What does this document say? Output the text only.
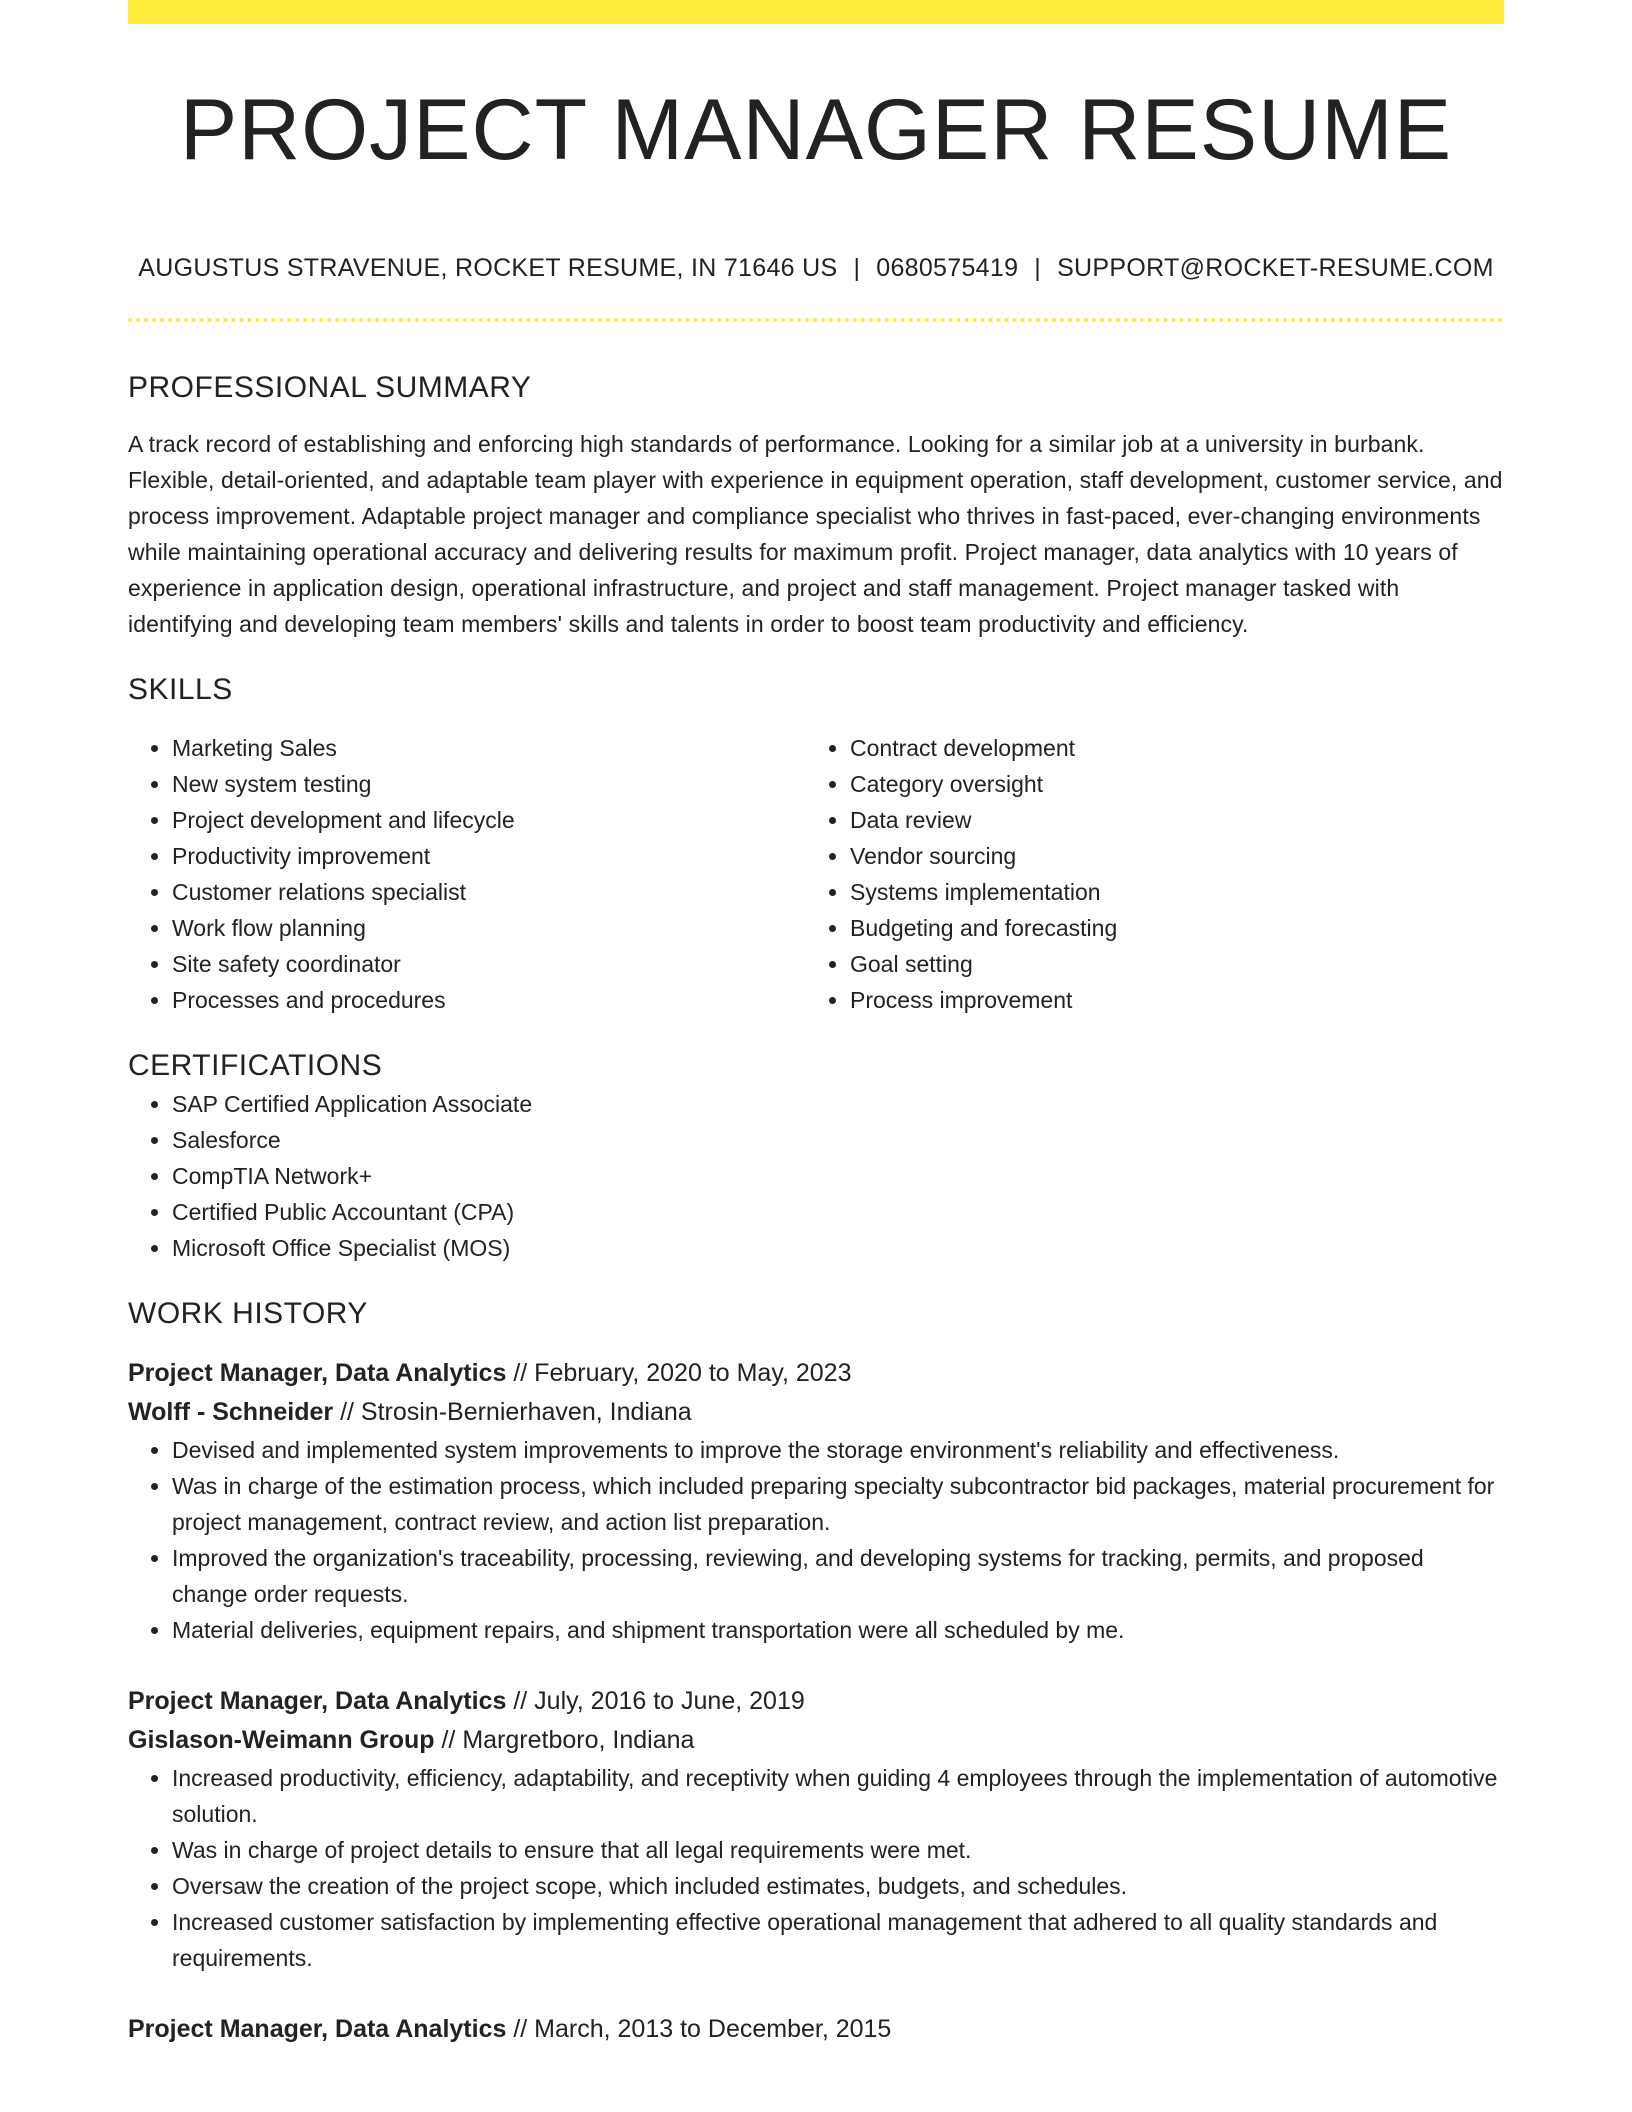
PROJECT MANAGER RESUME
AUGUSTUS STRAVENUE, ROCKET RESUME, IN 71646 US | 0680575419 | SUPPORT@ROCKET-RESUME.COM
PROFESSIONAL SUMMARY
A track record of establishing and enforcing high standards of performance. Looking for a similar job at a university in burbank. Flexible, detail-oriented, and adaptable team player with experience in equipment operation, staff development, customer service, and process improvement. Adaptable project manager and compliance specialist who thrives in fast-paced, ever-changing environments while maintaining operational accuracy and delivering results for maximum profit. Project manager, data analytics with 10 years of experience in application design, operational infrastructure, and project and staff management. Project manager tasked with identifying and developing team members' skills and talents in order to boost team productivity and efficiency.
SKILLS
• Marketing Sales
• New system testing
• Project development and lifecycle
• Productivity improvement
• Customer relations specialist
• Work flow planning
• Site safety coordinator
• Processes and procedures
• Contract development
• Category oversight
• Data review
• Vendor sourcing
• Systems implementation
• Budgeting and forecasting
• Goal setting
• Process improvement
CERTIFICATIONS
• SAP Certified Application Associate
• Salesforce
• CompTIA Network+
• Certified Public Accountant (CPA)
• Microsoft Office Specialist (MOS)
WORK HISTORY
Project Manager, Data Analytics // February, 2020 to May, 2023
Wolff - Schneider // Strosin-Bernierhaven, Indiana
• Devised and implemented system improvements to improve the storage environment's reliability and effectiveness.
• Was in charge of the estimation process, which included preparing specialty subcontractor bid packages, material procurement for project management, contract review, and action list preparation.
• Improved the organization's traceability, processing, reviewing, and developing systems for tracking, permits, and proposed change order requests.
• Material deliveries, equipment repairs, and shipment transportation were all scheduled by me.
Project Manager, Data Analytics // July, 2016 to June, 2019
Gislason-Weimann Group // Margretboro, Indiana
• Increased productivity, efficiency, adaptability, and receptivity when guiding 4 employees through the implementation of automotive solution.
• Was in charge of project details to ensure that all legal requirements were met.
• Oversaw the creation of the project scope, which included estimates, budgets, and schedules.
• Increased customer satisfaction by implementing effective operational management that adhered to all quality standards and requirements.
Project Manager, Data Analytics // March, 2013 to December, 2015
